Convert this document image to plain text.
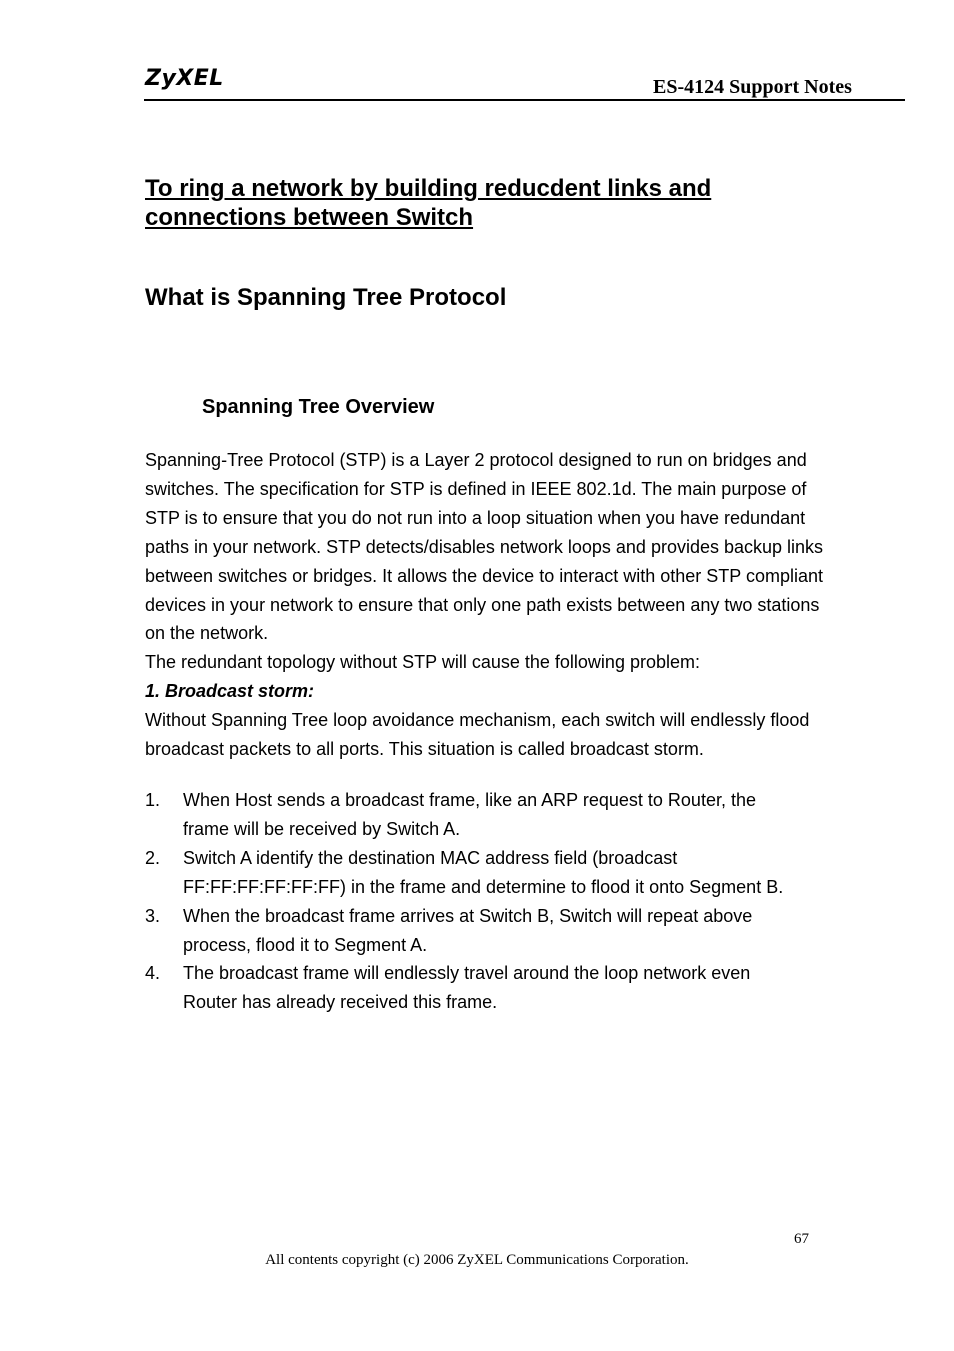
ZyXEL	ES-4124 Support Notes
To ring a network by building reducdent links and connections between Switch
What is Spanning Tree Protocol
Spanning Tree Overview
Spanning-Tree Protocol (STP) is a Layer 2 protocol designed to run on bridges and switches. The specification for STP is defined in IEEE 802.1d. The main purpose of STP is to ensure that you do not run into a loop situation when you have redundant paths in your network. STP detects/disables network loops and provides backup links between switches or bridges. It allows the device to interact with other STP compliant devices in your network to ensure that only one path exists between any two stations on the network.
The redundant topology without STP will cause the following problem:
1. Broadcast storm:
Without Spanning Tree loop avoidance mechanism, each switch will endlessly flood broadcast packets to all ports. This situation is called broadcast storm.
1. When Host sends a broadcast frame, like an ARP request to Router, the frame will be received by Switch A.
2. Switch A identify the destination MAC address field (broadcast FF:FF:FF:FF:FF:FF) in the frame and determine to flood it onto Segment B.
3. When the broadcast frame arrives at Switch B, Switch will repeat above process, flood it to Segment A.
4. The broadcast frame will endlessly travel around the loop network even Router has already received this frame.
67
All contents copyright (c) 2006 ZyXEL Communications Corporation.
